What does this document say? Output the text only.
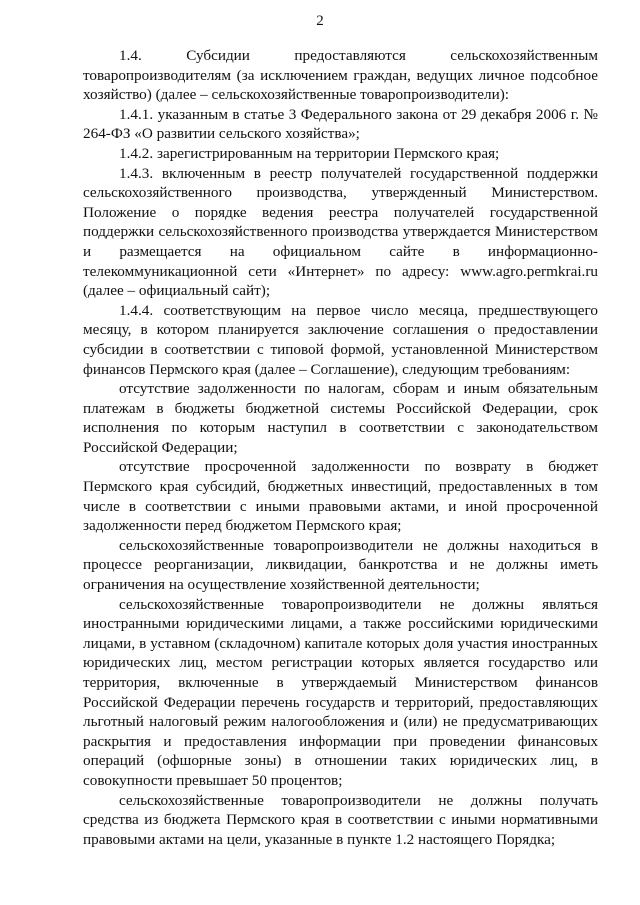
2

1.4. Субсидии предоставляются сельскохозяйственным товаропроизводителям (за исключением граждан, ведущих личное подсобное хозяйство) (далее – сельскохозяйственные товаропроизводители):

1.4.1. указанным в статье 3 Федерального закона от 29 декабря 2006 г. № 264-ФЗ «О развитии сельского хозяйства»;

1.4.2. зарегистрированным на территории Пермского края;

1.4.3. включенным в реестр получателей государственной поддержки сельскохозяйственного производства, утвержденный Министерством. Положение о порядке ведения реестра получателей государственной поддержки сельскохозяйственного производства утверждается Министерством и размещается на официальном сайте в информационно-телекоммуникационной сети «Интернет» по адресу: www.agro.permkrai.ru (далее – официальный сайт);

1.4.4. соответствующим на первое число месяца, предшествующего месяцу, в котором планируется заключение соглашения о предоставлении субсидии в соответствии с типовой формой, установленной Министерством финансов Пермского края (далее – Соглашение), следующим требованиям:

отсутствие задолженности по налогам, сборам и иным обязательным платежам в бюджеты бюджетной системы Российской Федерации, срок исполнения по которым наступил в соответствии с законодательством Российской Федерации;

отсутствие просроченной задолженности по возврату в бюджет Пермского края субсидий, бюджетных инвестиций, предоставленных в том числе в соответствии с иными правовыми актами, и иной просроченной задолженности перед бюджетом Пермского края;

сельскохозяйственные товаропроизводители не должны находиться в процессе реорганизации, ликвидации, банкротства и не должны иметь ограничения на осуществление хозяйственной деятельности;

сельскохозяйственные товаропроизводители не должны являться иностранными юридическими лицами, а также российскими юридическими лицами, в уставном (складочном) капитале которых доля участия иностранных юридических лиц, местом регистрации которых является государство или территория, включенные в утверждаемый Министерством финансов Российской Федерации перечень государств и территорий, предоставляющих льготный налоговый режим налогообложения и (или) не предусматривающих раскрытия и предоставления информации при проведении финансовых операций (офшорные зоны) в отношении таких юридических лиц, в совокупности превышает 50 процентов;

сельскохозяйственные товаропроизводители не должны получать средства из бюджета Пермского края в соответствии с иными нормативными правовыми актами на цели, указанные в пункте 1.2 настоящего Порядка;
